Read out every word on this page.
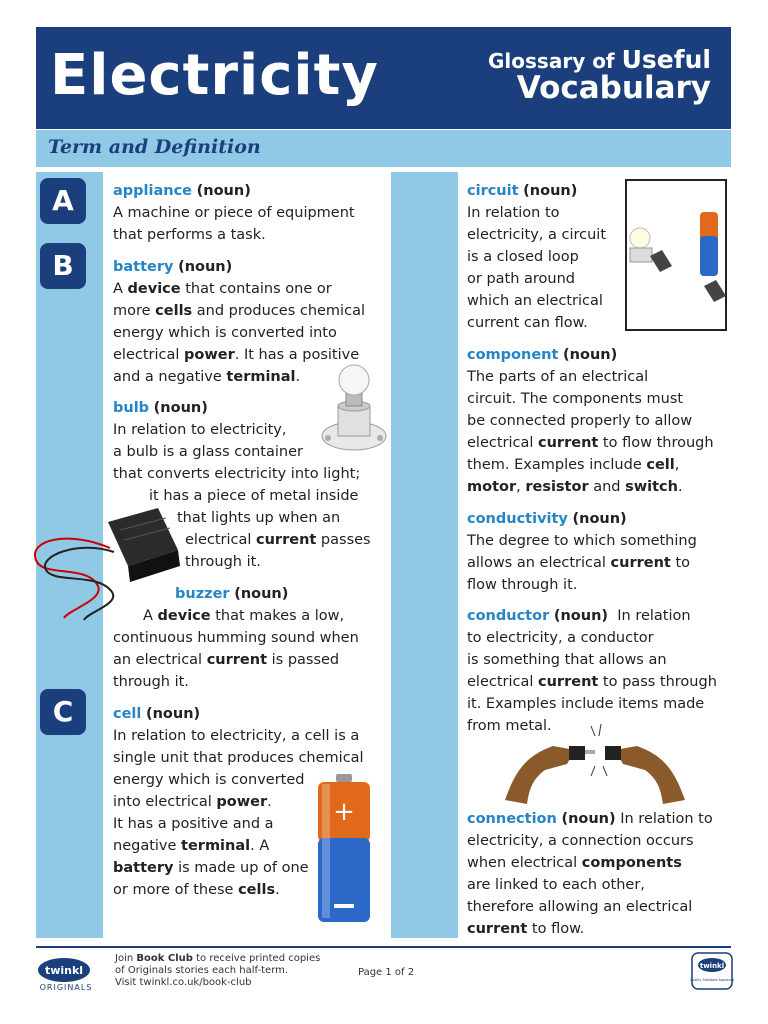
Electricity	Glossary of Useful
Vocabulary
Term and Definition
A
B
C
appliance (noun)
A machine or piece of equipment
that performs a task.
battery (noun)
A device that contains one or
more cells and produces chemical
energy which is converted into
electrical power. It has a positive
and a negative terminal.
bulb (noun)
In relation to electricity,
a bulb is a glass container
that converts electricity into light;
it has a piece of metal inside
that lights up when an
electrical current passes
through it.
buzzer (noun)
A device that makes a low,
continuous humming sound when
an electrical current is passed
through it.
cell (noun)
In relation to electricity, a cell is a
single unit that produces chemical
energy which is converted
into electrical power.
It has a positive and a
negative terminal. A
battery is made up of one
or more of these cells.
circuit (noun)
In relation to
electricity, a circuit
is a closed loop
or path around
which an electrical
current can flow.
component (noun)
The parts of an electrical
circuit. The components must
be connected properly to allow
electrical current to flow through
them. Examples include cell,
motor, resistor and switch.
conductivity (noun)
The degree to which something
allows an electrical current to
flow through it.
conductor (noun)  In relation
to electricity, a conductor
is something that allows an
electrical current to pass through
it. Examples include items made
from metal.
connection (noun) In relation to
electricity, a connection occurs
when electrical components
are linked to each other,
therefore allowing an electrical
current to flow.
+
twinkl
ORIGINALS
Join Book Club to receive printed copies
of Originals stories each half-term.
Visit twinkl.co.uk/book-club
Page 1 of 2
twinkl
Quality Standard Approved
